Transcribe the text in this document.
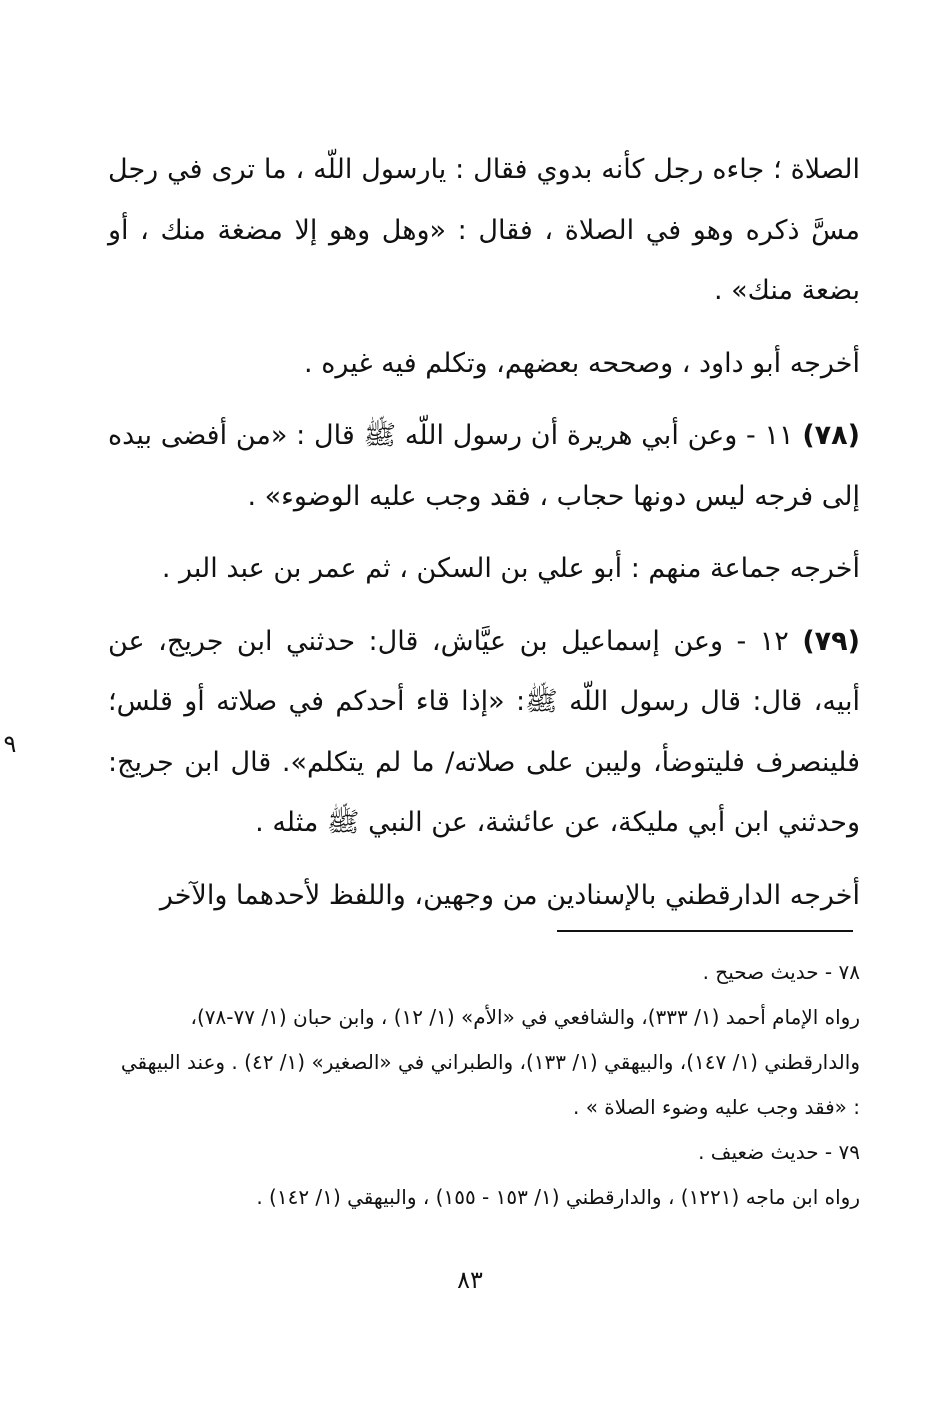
الصلاة ؛ جاءه رجل كأنه بدوي فقال : يارسول اللّه ، ما ترى في رجل مسَّ ذكره وهو في الصلاة ، فقال : «وهل وهو إلا مضغة منك ، أو بضعة منك» .

أخرجه أبو داود ، وصححه بعضهم، وتكلم فيه غيره .

(٧٨) ١١ - وعن أبي هريرة أن رسول اللّه ﷺ قال : «من أفضى بيده إلى فرجه ليس دونها حجاب ، فقد وجب عليه الوضوء» .

أخرجه جماعة منهم : أبو علي بن السكن ، ثم عمر بن عبد البر .

(٧٩) ١٢ - وعن إسماعيل بن عيَّاش، قال: حدثني ابن جريج، عن أبيه، قال: قال رسول اللّه ﷺ: «إذا قاء أحدكم في صلاته أو قلس؛ فلينصرف فليتوضأ، وليبن على صلاته/ ما لم يتكلم». قال ابن جريج: وحدثني ابن أبي مليكة، عن عائشة، عن النبي ﷺ مثله .

أخرجه الدارقطني بالإسنادين من وجهين، واللفظ لأحدهما والآخر

٩

٧٨ - حديث صحيح .

رواه الإمام أحمد (١/ ٣٣٣)، والشافعي في «الأم» (١/ ١٢) ، وابن حبان (١/ ٧٧-٧٨)، والدارقطني (١/ ١٤٧)، والبيهقي (١/ ١٣٣)، والطبراني في «الصغير» (١/ ٤٢) . وعند البيهقي : «فقد وجب عليه وضوء الصلاة » .

٧٩ - حديث ضعيف .

رواه ابن ماجه (١٢٢١) ، والدارقطني (١/ ١٥٣ - ١٥٥) ، والبيهقي (١/ ١٤٢) .

٨٣
